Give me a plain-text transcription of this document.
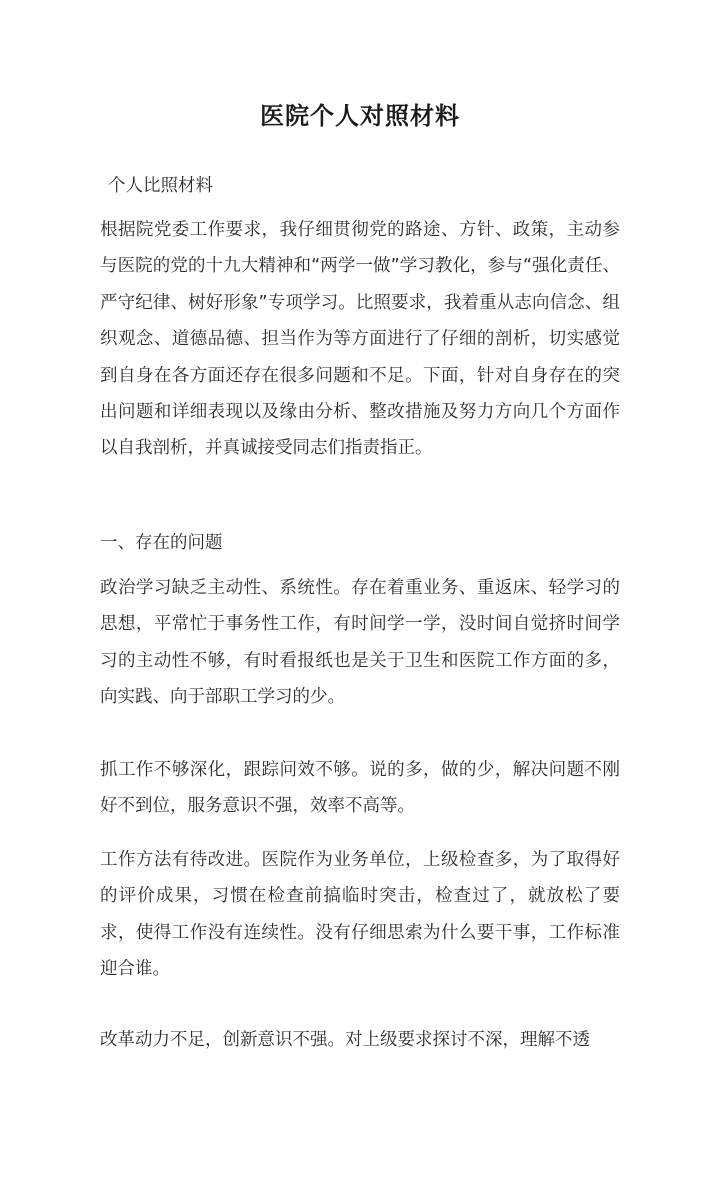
医院个人对照材料

个人比照材料

根据院党委工作要求，我仔细贯彻党的路途、方针、政策，主动参与医院的党的十九大精神和“两学一做”学习教化，参与“强化责任、严守纪律、树好形象”专项学习。比照要求，我着重从志向信念、组织观念、道德品德、担当作为等方面进行了仔细的剖析，切实感觉到自身在各方面还存在很多问题和不足。下面，针对自身存在的突出问题和详细表现以及缘由分析、整改措施及努力方向几个方面作以自我剖析，并真诚接受同志们指责指正。

一、存在的问题

政治学习缺乏主动性、系统性。存在着重业务、重返床、轻学习的思想，平常忙于事务性工作，有时间学一学，没时间自觉挤时间学习的主动性不够，有时看报纸也是关于卫生和医院工作方面的多，向实践、向于部职工学习的少。

抓工作不够深化，跟踪问效不够。说的多，做的少，解决问题不刚好不到位，服务意识不强，效率不高等。

工作方法有待改进。医院作为业务单位，上级检查多，为了取得好的评价成果，习惯在检查前搞临时突击，检查过了，就放松了要求，使得工作没有连续性。没有仔细思索为什么要干事，工作标准迎合谁。

改革动力不足，创新意识不强。对上级要求探讨不深，理解不透
